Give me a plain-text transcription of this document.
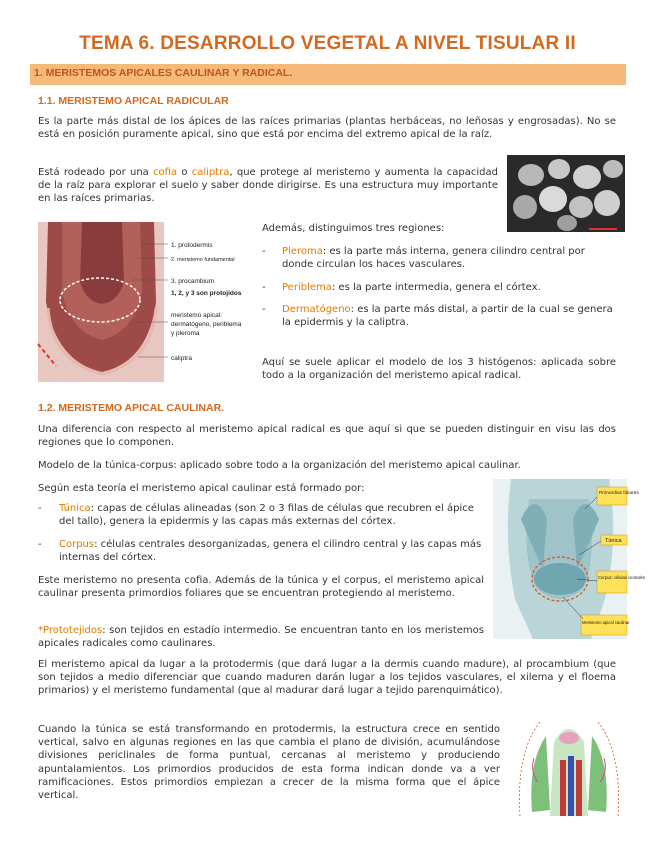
TEMA 6. DESARROLLO VEGETAL A NIVEL TISULAR II
1. MERISTEMOS APICALES CAULINAR Y RADICAL.
1.1. MERISTEMO APICAL RADICULAR
Es la parte más distal de los ápices de las raíces primarias (plantas herbáceas, no leñosas y engrosadas). No se está en posición puramente apical, sino que está por encima del extremo apical de la raíz.
Está rodeado por una cofia o caliptra, que protege al meristemo y aumenta la capacidad de la raíz para explorar el suelo y saber donde dirigirse. Es una estructura muy importante en las raíces primarias.
1. protodermis
2. meristemo fundamental
3. procambium
1, 2, y 3 son protojidos
meristemo apical:
dermatógeno, periblema
y pleroma
caliptra
Además, distinguimos tres regiones:
- Pleroma: es la parte más interna, genera cilindro central por donde circulan los haces vasculares.
- Periblema: es la parte intermedia, genera el córtex.
- Dermatógeno: es la parte más distal, a partir de la cual se genera la epidermis y la caliptra.
Aquí se suele aplicar el modelo de los 3 histógenos: aplicada sobre todo a la organización del meristemo apical radical.
1.2. MERISTEMO APICAL CAULINAR.
Una diferencia con respecto al meristemo apical radical es que aquí si que se pueden distinguir en visu las dos regiones que lo componen.
Modelo de la túnica-corpus: aplicado sobre todo a la organización del meristemo apical caulinar.
Según esta teoría el meristemo apical caulinar está formado por:
- Túnica: capas de células alineadas (son 2 o 3 filas de células que recubren el ápice del tallo), genera la epidermis y las capas más externas del córtex.
- Corpus: células centrales desorganizadas, genera el cilindro central y las capas más internas del córtex.
Este meristemo no presenta cofia. Además de la túnica y el corpus, el meristemo apical caulinar presenta primordios foliares que se encuentran protegiendo al meristemo.
*Prototejidos: son tejidos en estadío intermedio. Se encuentran tanto en los meristemos apicales radicales como caulinares.
Primordios foliares
Túnica
Corpus: células centrales
Meristemo apical caulinar
El meristemo apical da lugar a la protodermis (que dará lugar a la dermis cuando madure), al procambium (que son tejidos a medio diferenciar que cuando maduren darán lugar a los tejidos vasculares, el xilema y el floema primarios) y el meristemo fundamental (que al madurar dará lugar a tejido parenquimático).
Cuando la túnica se está transformando en protodermis, la estructura crece en sentido vertical, salvo en algunas regiones en las que cambia el plano de división, acumulándose divisiones periclinales de forma puntual, cercanas al meristemo y produciendo apuntalamientos. Los primordios producidos de esta forma indican donde va a ver ramificaciones. Estos primordios empiezan a crecer de la misma forma que el ápice vertical.
